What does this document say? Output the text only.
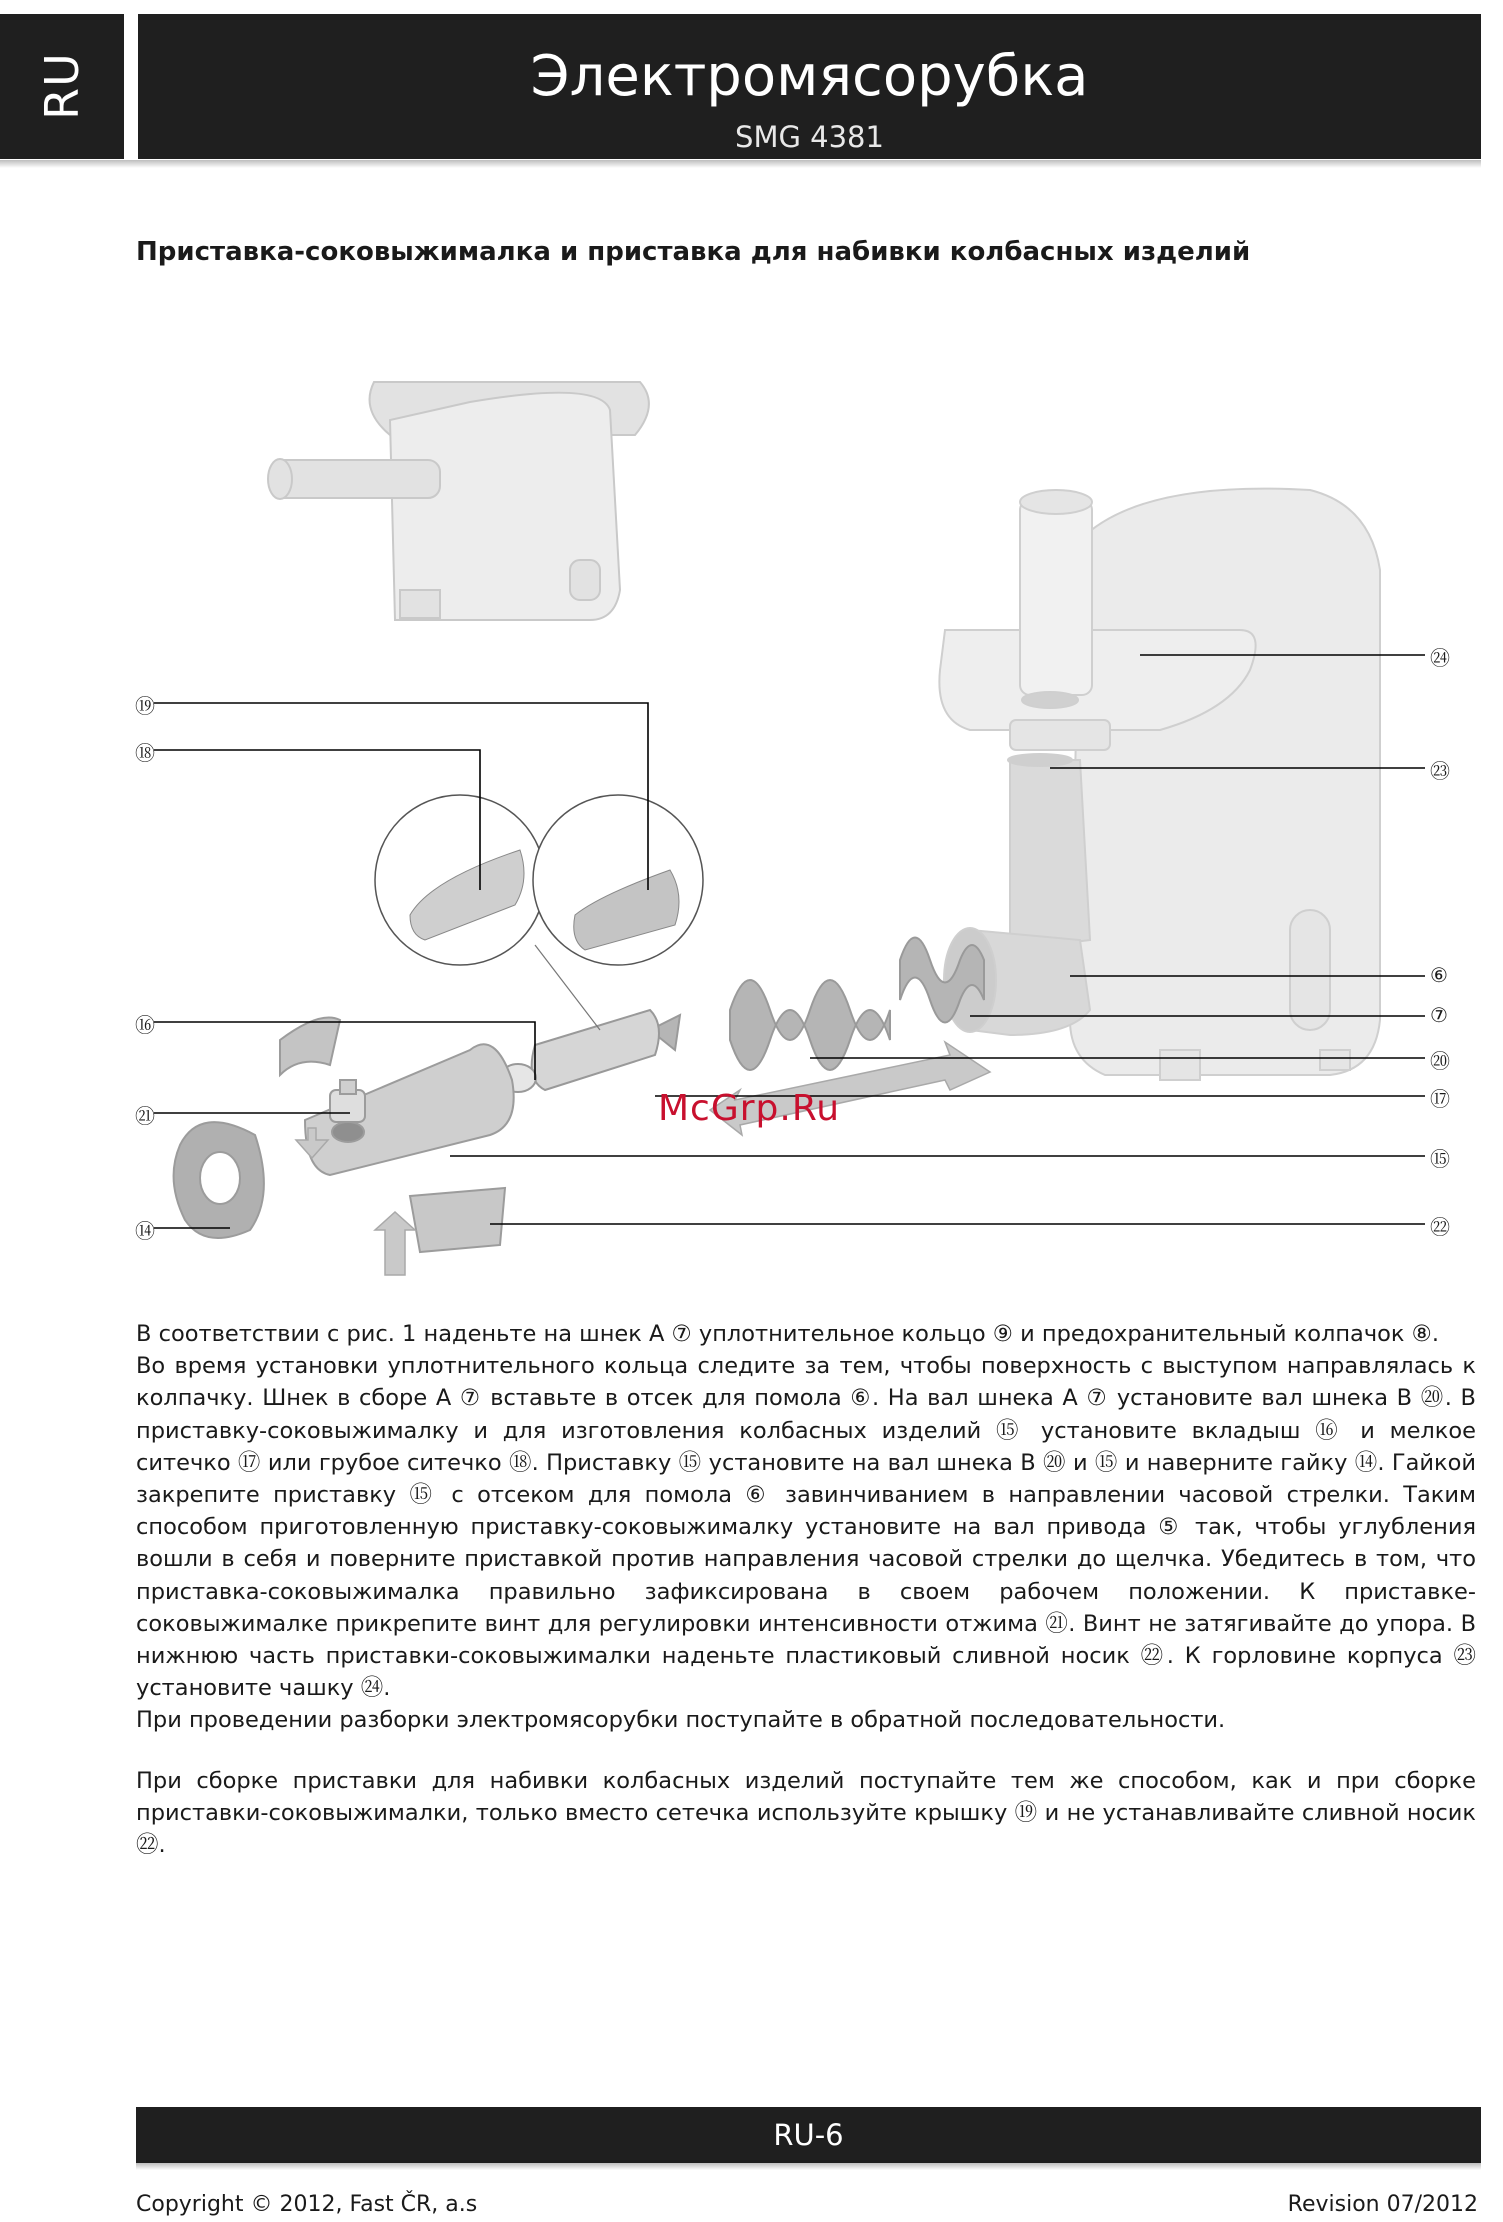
RU	Электромясорубка
SMG 4381
Приставка-соковыжималка и приставка для набивки колбасных изделий
⑲
⑱
⑯
㉑
⑭
㉔
㉓
⑥
⑦
⑳
⑰
⑮
㉒
McGrp.Ru

В соответствии с рис. 1 наденьте на шнек А ⑦ уплотнительное кольцо ⑨ и предохранительный колпачок ⑧.

Во время установки уплотнительного кольца следите за тем, чтобы поверхность с выступом направлялась к колпачку. Шнек в сборе А ⑦ вставьте в отсек для помола ⑥. На вал шнека А ⑦ установите вал шнека В ⑳. В приставку-соковыжималку и для изготовления колбасных изделий ⑮ установите вкладыш ⑯ и мелкое ситечко ⑰ или грубое ситечко ⑱. Приставку ⑮ установите на вал шнека В ⑳ и ⑮ и наверните гайку ⑭. Гайкой закрепите приставку ⑮ с отсеком для помола ⑥ завинчиванием в направлении часовой стрелки. Таким способом приготовленную приставку-соковыжималку установите на вал привода ⑤ так, чтобы углубления вошли в себя и поверните приставкой против направления часовой стрелки до щелчка. Убедитесь в том, что приставка-соковыжималка правильно зафиксирована в своем рабочем положении. К приставке-соковыжималке прикрепите винт для регулировки интенсивности отжима ㉑. Винт не затягивайте до упора. В нижнюю часть приставки-соковыжималки наденьте пластиковый сливной носик ㉒. К горловине корпуса ㉓ установите чашку ㉔.

При проведении разборки электромясорубки поступайте в обратной последовательности.

При сборке приставки для набивки колбасных изделий поступайте тем же способом, как и при сборке приставки-соковыжималки, только вместо сетечка используйте крышку ⑲ и не устанавливайте сливной носик ㉒.

RU-6
Copyright © 2012, Fast ČR, a.s	Revision 07/2012
